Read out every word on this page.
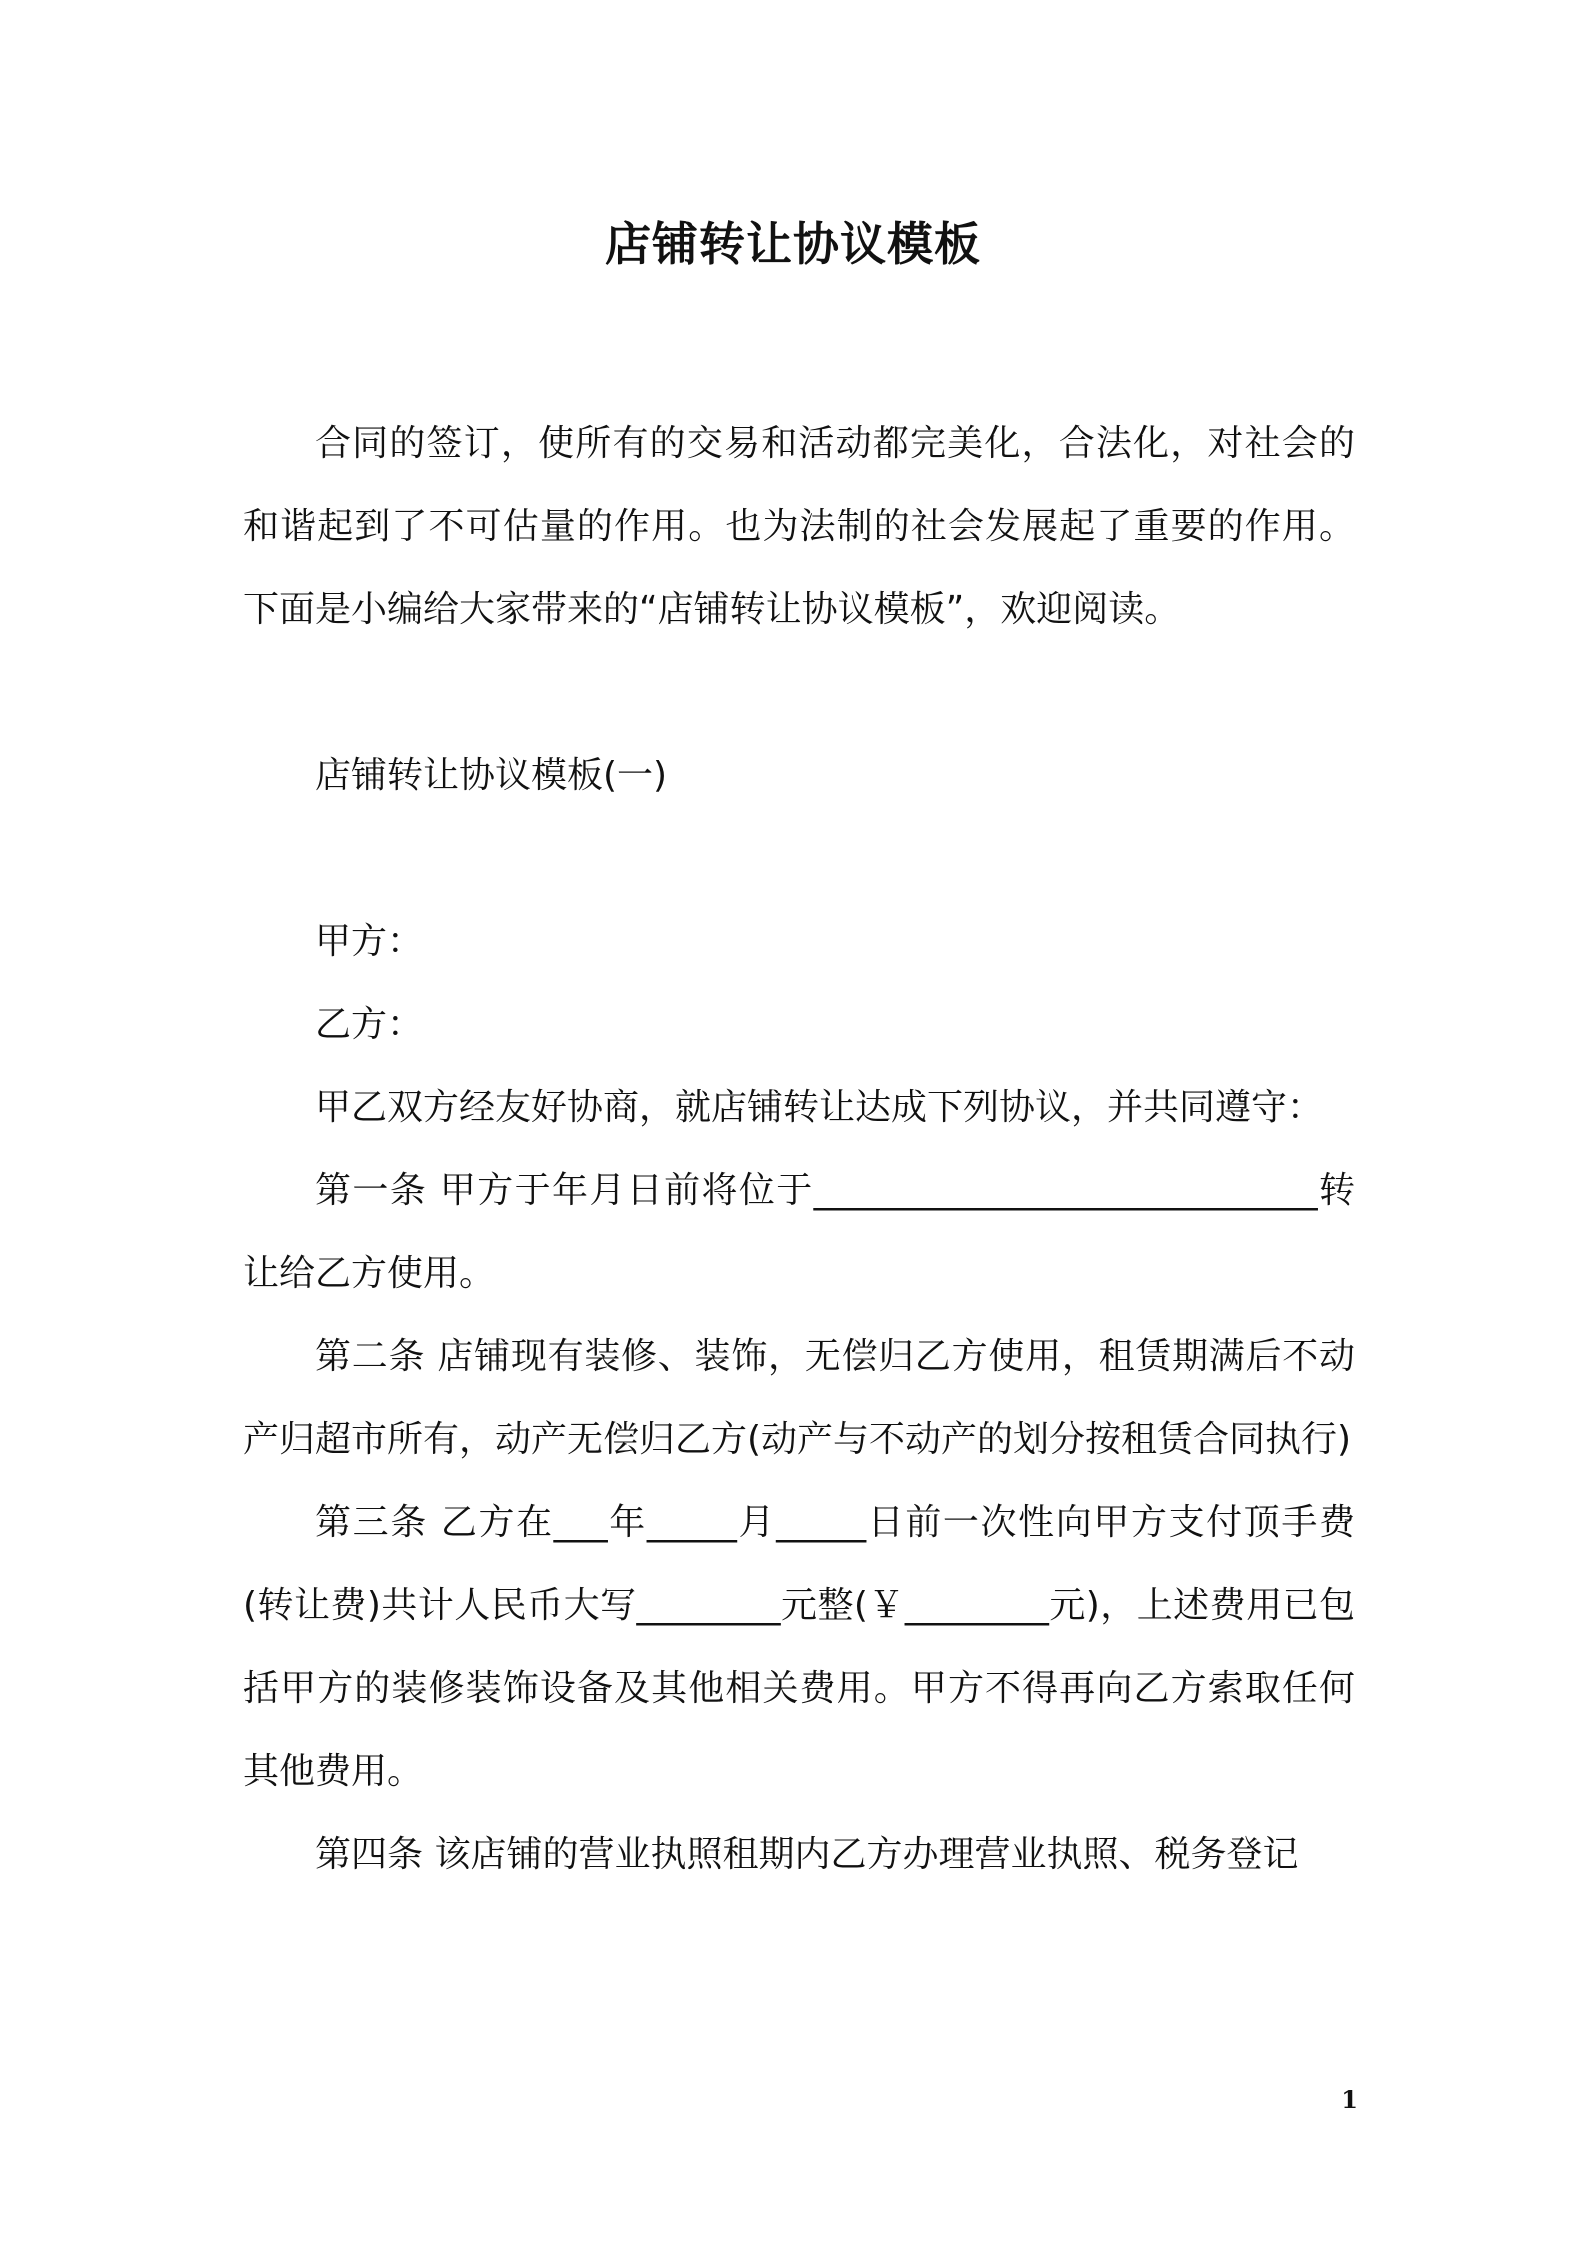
店铺转让协议模板

合同的签订，使所有的交易和活动都完美化，合法化，对社会的和谐起到了不可估量的作用。也为法制的社会发展起了重要的作用。下面是小编给大家带来的“店铺转让协议模板”，欢迎阅读。

店铺转让协议模板(一)

甲方：

乙方：

甲乙双方经友好协商，就店铺转让达成下列协议，并共同遵守：

第一条 甲方于年月日前将位于____________________________转让给乙方使用。

第二条 店铺现有装修、装饰，无偿归乙方使用，租赁期满后不动产归超市所有，动产无偿归乙方(动产与不动产的划分按租赁合同执行)

第三条 乙方在___年_____月_____日前一次性向甲方支付顶手费(转让费)共计人民币大写________元整(￥________元)，上述费用已包括甲方的装修装饰设备及其他相关费用。甲方不得再向乙方索取任何其他费用。

第四条 该店铺的营业执照租期内乙方办理营业执照、税务登记

1
